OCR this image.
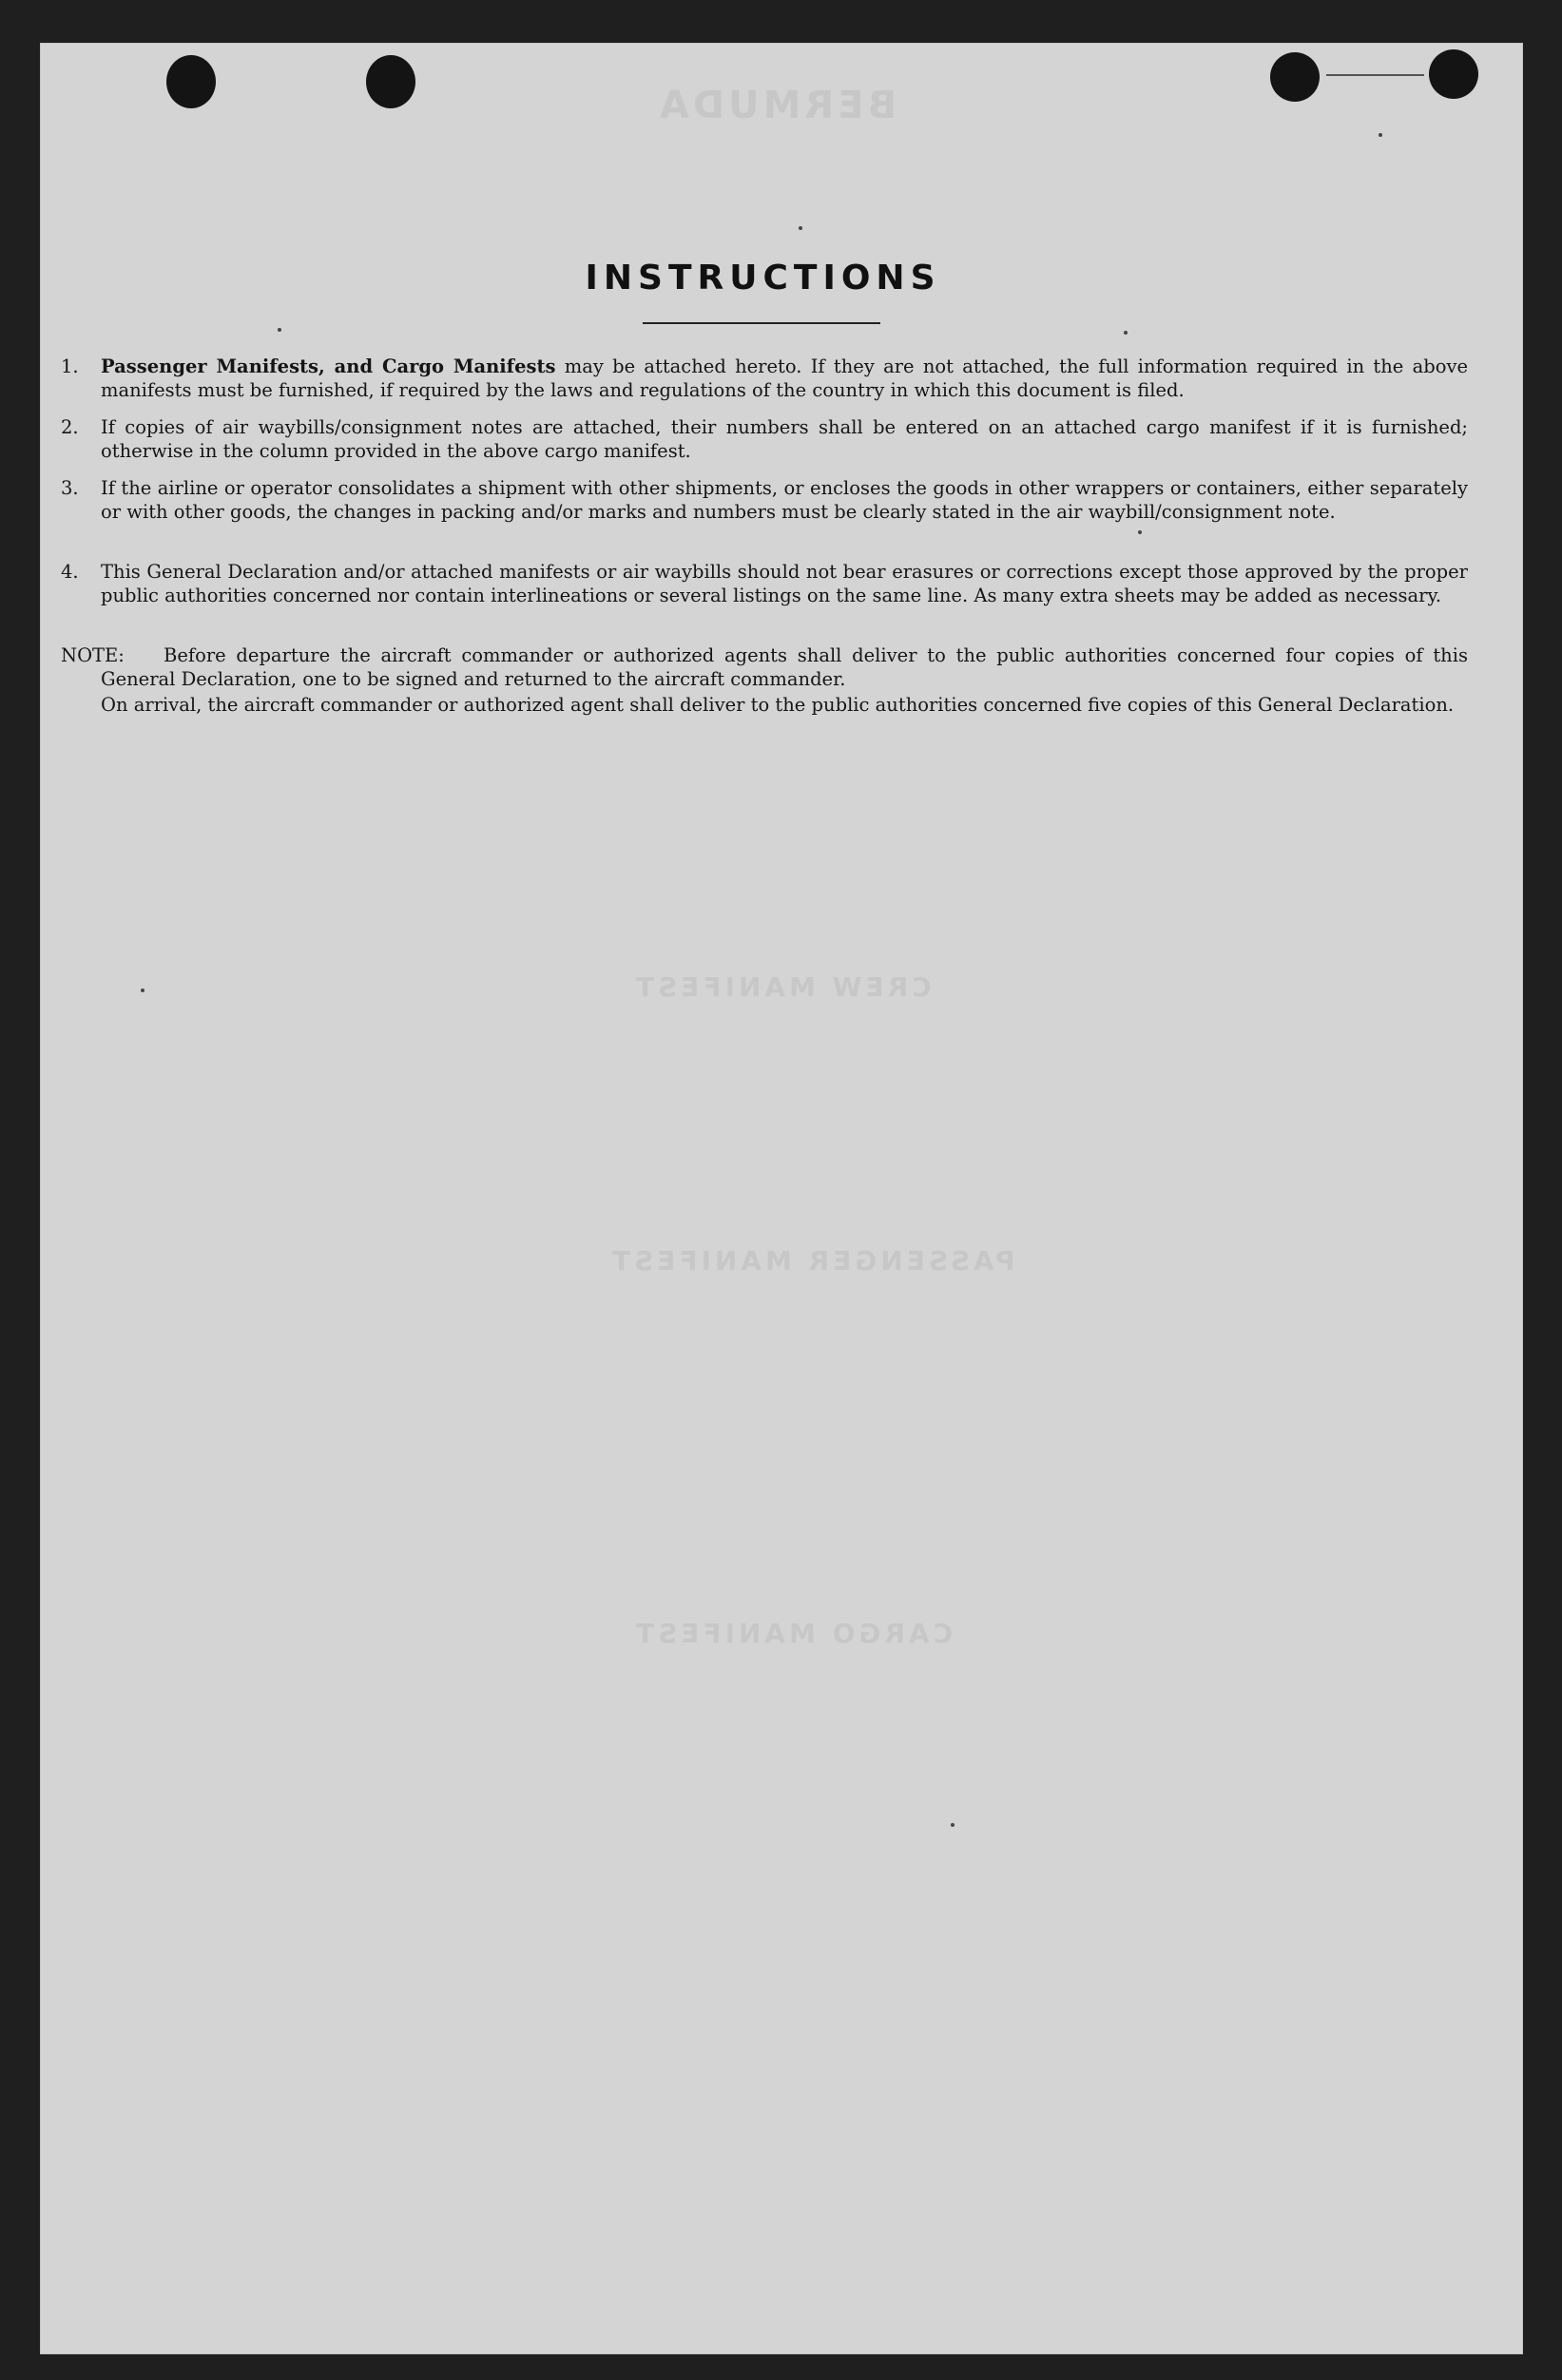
BERMUDA
CREW MANIFEST
PASSENGER MANIFEST
CARGO MANIFEST
INSTRUCTIONS
1.	Passenger Manifests, and Cargo Manifests may be attached hereto. If they are not attached, the full information required in the above manifests must be furnished, if required by the laws and regulations of the country in which this document is filed.
2.	If copies of air waybills/consignment notes are attached, their numbers shall be entered on an attached cargo manifest if it is furnished; otherwise in the column provided in the above cargo manifest.
3.	If the airline or operator consolidates a shipment with other shipments, or encloses the goods in other wrappers or containers, either separately or with other goods, the changes in packing and/or marks and numbers must be clearly stated in the air waybill/consignment note.
4.	This General Declaration and/or attached manifests or air waybills should not bear erasures or corrections except those approved by the proper public authorities concerned nor contain interlineations or several listings on the same line. As many extra sheets may be added as necessary.
NOTE:	Before departure the aircraft commander or authorized agents shall deliver to the public authorities concerned four copies of this General Declaration, one to be signed and returned to the aircraft commander.
On arrival, the aircraft commander or authorized agent shall deliver to the public authorities concerned five copies of this General Declaration.
